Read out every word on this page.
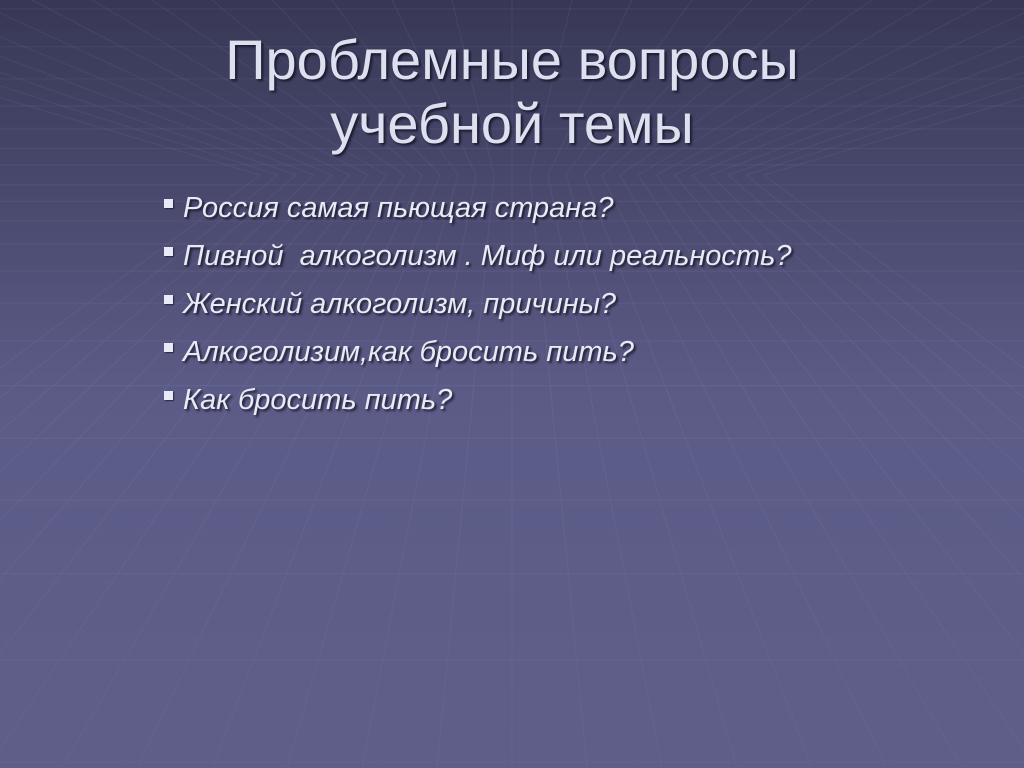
Проблемные вопросы
учебной темы
Россия самая пьющая страна?
Пивной  алкоголизм . Миф или реальность?
Женский алкоголизм, причины?
Алкоголизим,как бросить пить?
Как бросить пить?
